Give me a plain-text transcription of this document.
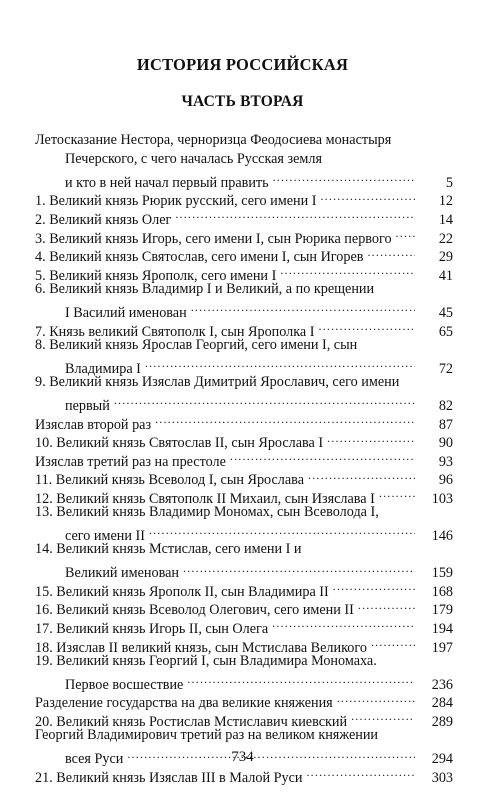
ИСТОРИЯ РОССИЙСКАЯ
ЧАСТЬ ВТОРАЯ
Летосказание Нестора, черноризца Феодосиева монастыря
Печерского, с чего началась Русская земля
и кто в ней начал первый править .....	5
1. Великий князь Рюрик русский, сего имени I .....	12
2. Великий князь Олег .....	14
3. Великий князь Игорь, сего имени I, сын Рюрика первого .....	22
4. Великий князь Святослав, сего имени I, сын Игорев .....	29
5. Великий князь Ярополк, сего имени I .....	41
6. Великий князь Владимир I и Великий, а по крещении
I Василий именован .....	45
7. Князь великий Святополк I, сын Ярополка I .....	65
8. Великий князь Ярослав Георгий, сего имени I, сын
Владимира I .....	72
9. Великий князь Изяслав Димитрий Ярославич, сего имени
первый .....	82
Изяслав второй раз .....	87
10. Великий князь Святослав II, сын Ярослава I .....	90
Изяслав третий раз на престоле .....	93
11. Великий князь Всеволод I, сын Ярослава .....	96
12. Великий князь Святополк II Михаил, сын Изяслава I .....	103
13. Великий князь Владимир Мономах, сын Всеволода I,
сего имени II .....	146
14. Великий князь Мстислав, сего имени I и
Великий именован .....	159
15. Великий князь Ярополк II, сын Владимира II .....	168
16. Великий князь Всеволод Олегович, сего имени II .....	179
17. Великий князь Игорь II, сын Олега .....	194
18. Изяслав II великий князь, сын Мстислава Великого .....	197
19. Великий князь Георгий I, сын Владимира Мономаха.
Первое восшествие .....	236
Разделение государства на два великие княжения .....	284
20. Великий князь Ростислав Мстиславич киевский .....	289
Георгий Владимирович третий раз на великом княжении
всея Руси .....	294
21. Великий князь Изяслав III в Малой Руси .....	303
734
